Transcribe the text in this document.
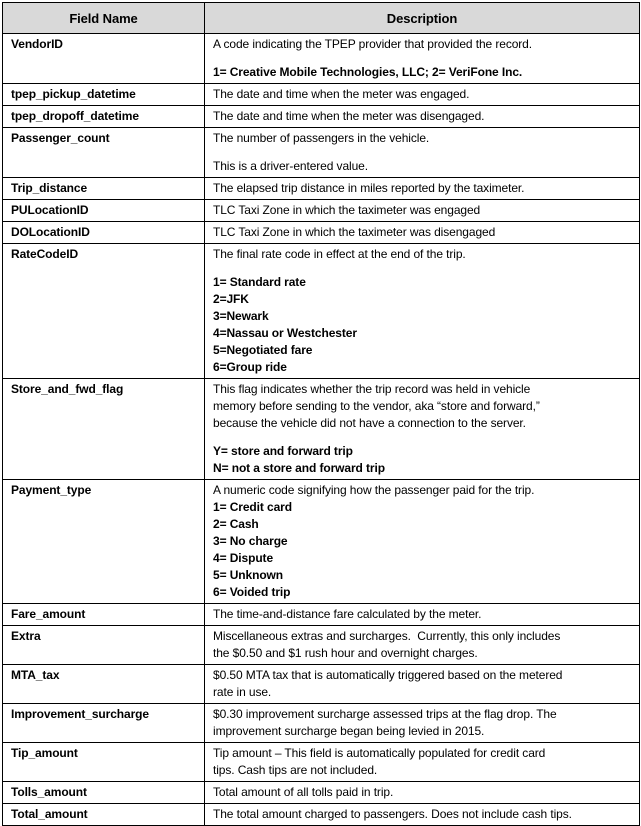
Field Name	Description
VendorID	A code indicating the TPEP provider that provided the record.
1= Creative Mobile Technologies, LLC; 2= VeriFone Inc.

tpep_pickup_datetime	The date and time when the meter was engaged.

tpep_dropoff_datetime	The date and time when the meter was disengaged.

Passenger_count	The number of passengers in the vehicle.
This is a driver-entered value.

Trip_distance	The elapsed trip distance in miles reported by the taximeter.

PULocationID	TLC Taxi Zone in which the taximeter was engaged

DOLocationID	TLC Taxi Zone in which the taximeter was disengaged

RateCodeID	The final rate code in effect at the end of the trip.
1= Standard rate
2=JFK
3=Newark
4=Nassau or Westchester
5=Negotiated fare
6=Group ride

Store_and_fwd_flag	This flag indicates whether the trip record was held in vehicle
memory before sending to the vendor, aka “store and forward,”
because the vehicle did not have a connection to the server.
Y= store and forward trip
N= not a store and forward trip

Payment_type	A numeric code signifying how the passenger paid for the trip.
1= Credit card
2= Cash
3= No charge
4= Dispute
5= Unknown
6= Voided trip

Fare_amount	The time-and-distance fare calculated by the meter.

Extra	Miscellaneous extras and surcharges.  Currently, this only includes
the $0.50 and $1 rush hour and overnight charges.

MTA_tax	$0.50 MTA tax that is automatically triggered based on the metered
rate in use.

Improvement_surcharge	$0.30 improvement surcharge assessed trips at the flag drop. The
improvement surcharge began being levied in 2015.

Tip_amount	Tip amount – This field is automatically populated for credit card
tips. Cash tips are not included.

Tolls_amount	Total amount of all tolls paid in trip.

Total_amount	The total amount charged to passengers. Does not include cash tips.
